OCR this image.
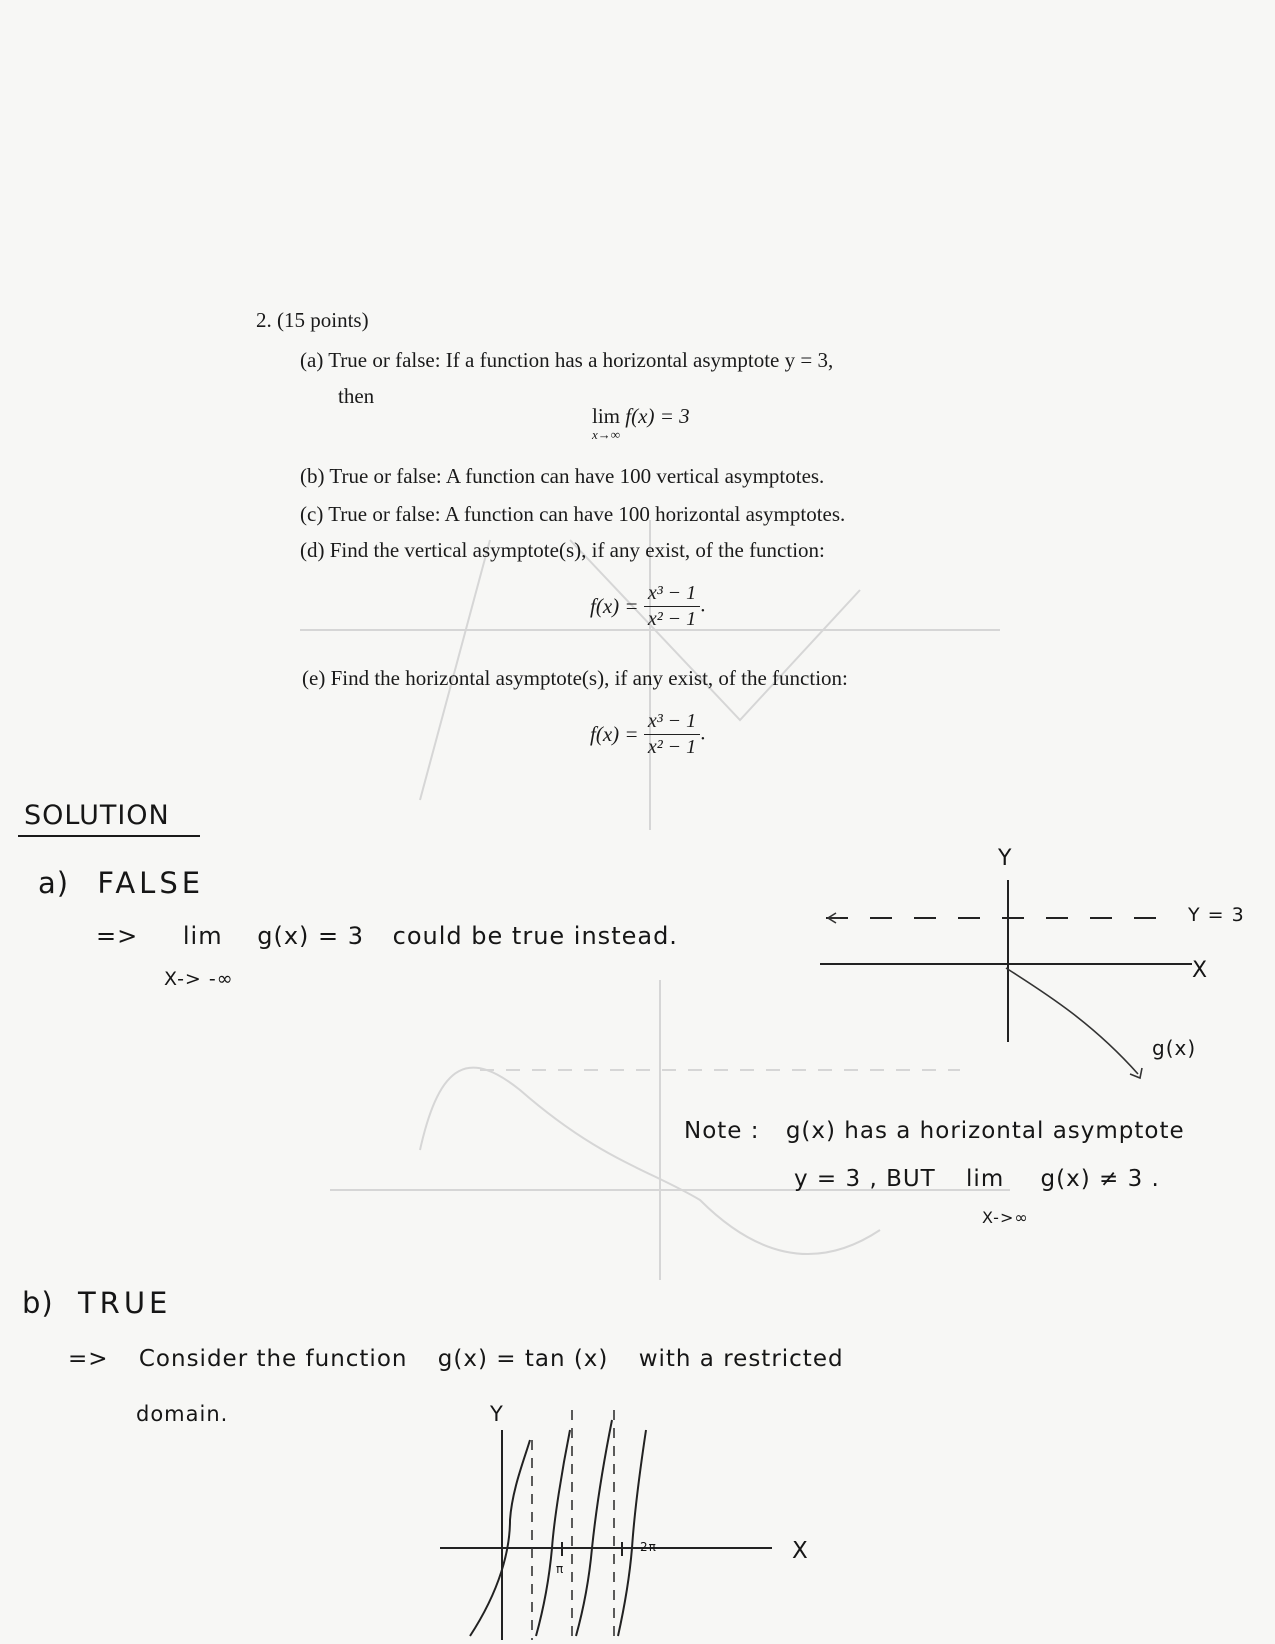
2. (15 points)
(a) True or false: If a function has a horizontal asymptote y = 3,
then
lim
x→∞
f(x) = 3
(b) True or false: A function can have 100 vertical asymptotes.
(c) True or false: A function can have 100 horizontal asymptotes.
(d) Find the vertical asymptote(s), if any exist, of the function:
$f(x) = \frac{\text{x³ − 1}}{\text{x² − 1}}$ .
(e) Find the horizontal asymptote(s), if any exist, of the function:
$f(x) = \frac{\text{x³ − 1}}{\text{x² − 1}}$ .
SOLUTION
a) FALSE
=> lim g(x) = 3 could be true instead.
X-> -∞
Y
Y = 3
X
g(x)
Note : g(x) has a horizontal asymptote
y = 3 , BUT lim g(x) ≠ 3 .
X->∞
b) TRUE
=> Consider the function g(x) = tan (x) with a restricted
domain.	Y
X
π
2π
